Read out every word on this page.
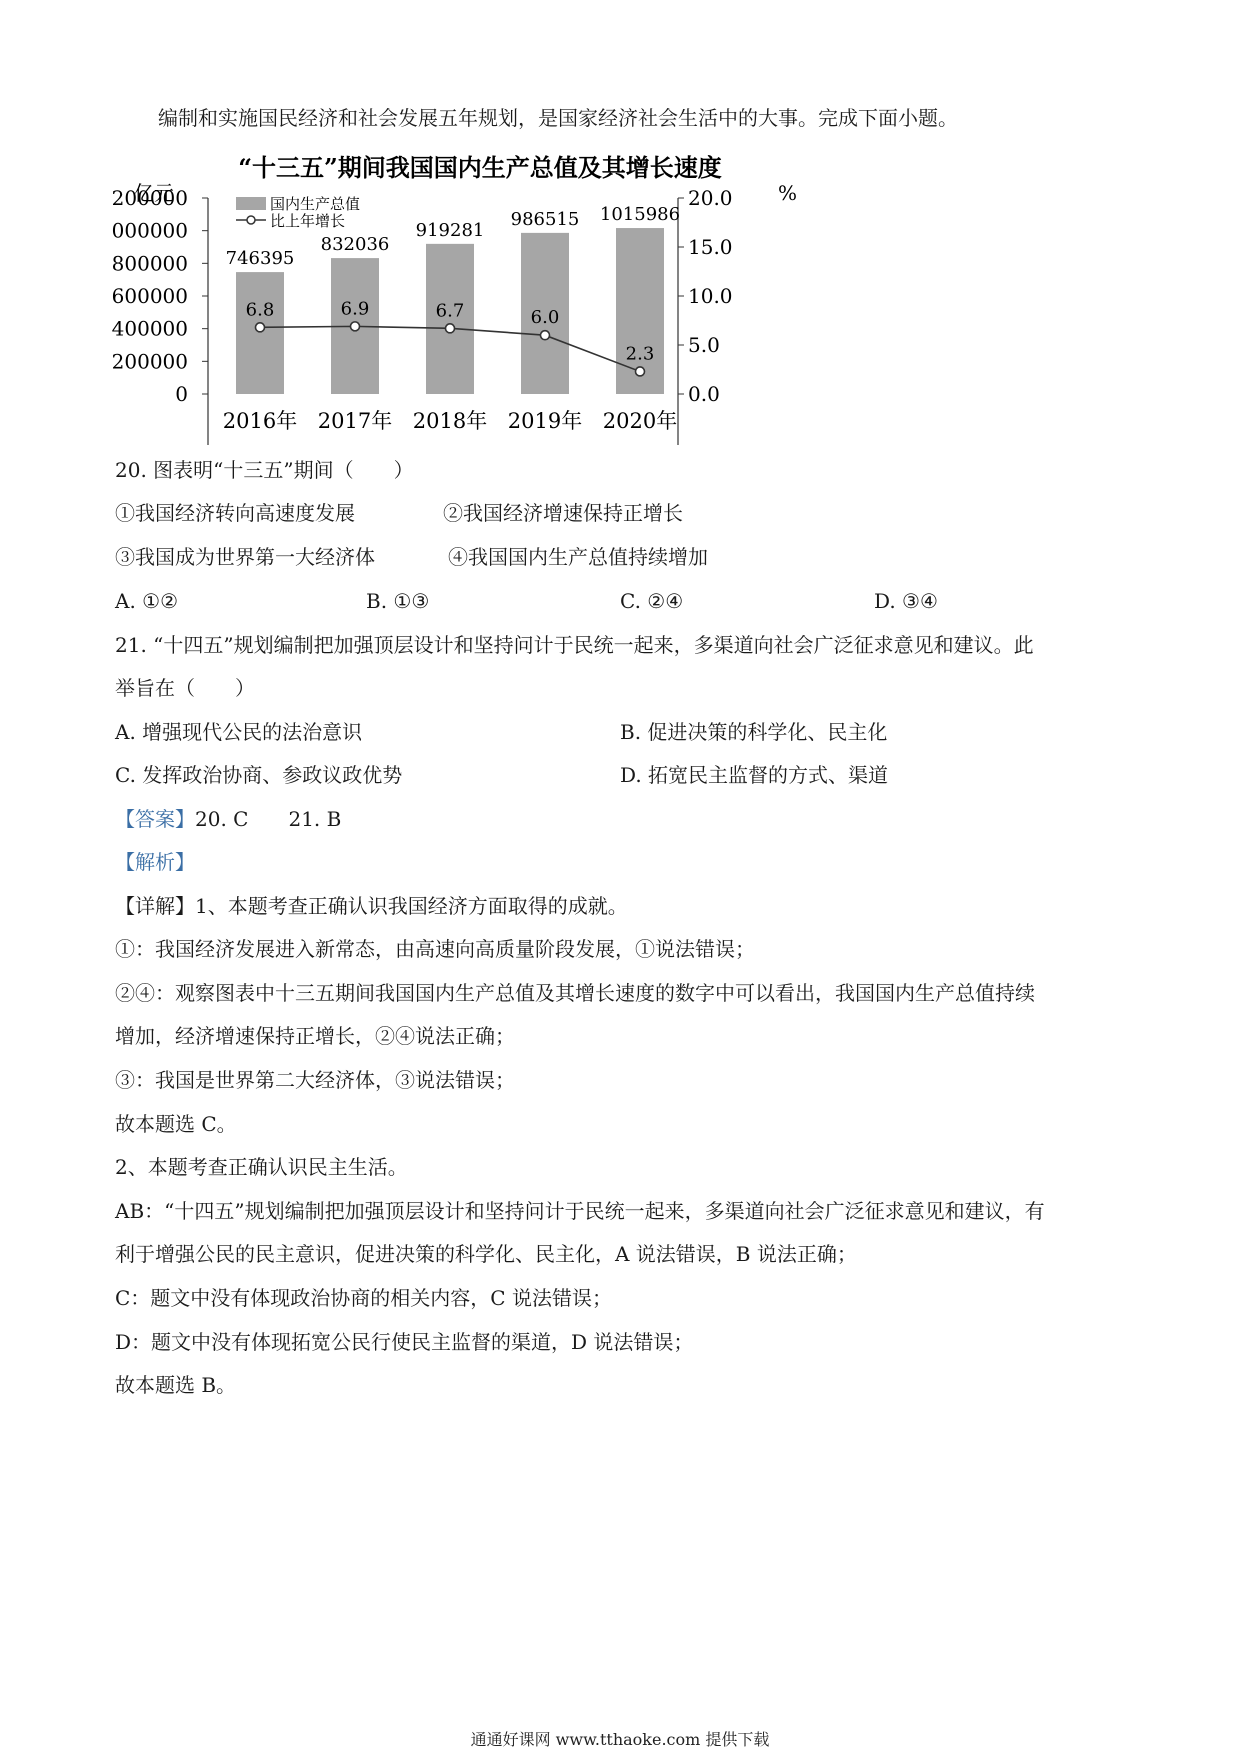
编制和实施国民经济和社会发展五年规划，是国家经济社会生活中的大事。完成下面小题。
“十三五”期间我国国内生产总值及其增长速度
亿元	%
国内生产总值
比上年增长
746395
832036
919281
986515 1015986
6.8	6.9	6.7	6.0
2.3
0
200000
400000
600000
800000
000000
200000
0.0
5.0
10.0
15.0
20.0
2016年 2017年 2018年 2019年 2020年
20. 图表明“十三五”期间（　　）
①我国经济转向高速度发展	②我国经济增速保持正增长
③我国成为世界第一大经济体	④我国国内生产总值持续增加
A. ①②	B. ①③	C. ②④	D. ③④
21. “十四五”规划编制把加强顶层设计和坚持问计于民统一起来，多渠道向社会广泛征求意见和建议。此
举旨在（　　）
A. 增强现代公民的法治意识	B. 促进决策的科学化、民主化
C. 发挥政治协商、参政议政优势	D. 拓宽民主监督的方式、渠道
【答案】20. C　　21. B
【解析】
【详解】1、本题考查正确认识我国经济方面取得的成就。
①：我国经济发展进入新常态，由高速向高质量阶段发展，①说法错误；
②④：观察图表中十三五期间我国国内生产总值及其增长速度的数字中可以看出，我国国内生产总值持续
增加，经济增速保持正增长，②④说法正确；
③：我国是世界第二大经济体，③说法错误；
故本题选 C。
2、本题考查正确认识民主生活。
AB：“十四五”规划编制把加强顶层设计和坚持问计于民统一起来，多渠道向社会广泛征求意见和建议，有
利于增强公民的民主意识，促进决策的科学化、民主化，A 说法错误，B 说法正确；
C：题文中没有体现政治协商的相关内容，C 说法错误；
D：题文中没有体现拓宽公民行使民主监督的渠道，D 说法错误；
故本题选 B。
通通好课网 www.tthaoke.com 提供下载
